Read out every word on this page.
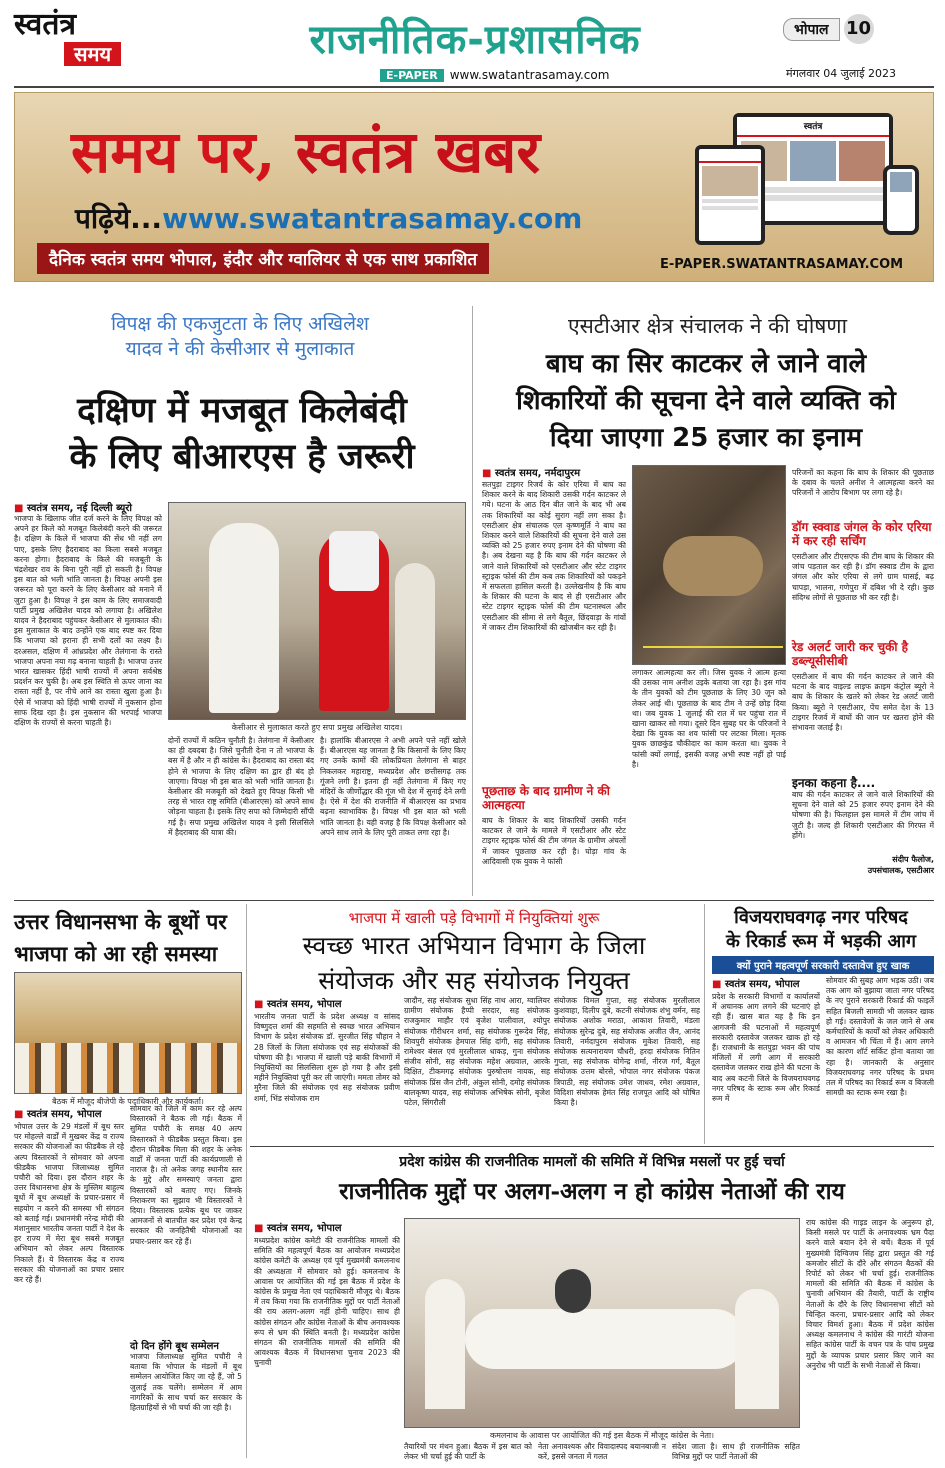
स्वतंत्र
समय	राजनीतिक-प्रशासनिक	भोपाल 10
E-PAPER www.swatantrasamay.com	मंगलवार 04 जुलाई 2023
समय पर, स्वतंत्र खबर
पढ़िये...www.swatantrasamay.com
दैनिक स्वतंत्र समय भोपाल, इंदौर और ग्वालियर से एक साथ प्रकाशित
स्वतंत्र
E-PAPER.SWATANTRASAMAY.COM
विपक्ष की एकजुटता के लिए अखिलेश
यादव ने की केसीआर से मुलाकात
दक्षिण में मजबूत किलेबंदी
के लिए बीआरएस है जरूरी
■ स्वतंत्र समय, नई दिल्ली ब्यूरो
भाजपा के खिलाफ जीत दर्ज करने के लिए विपक्ष को अपने हर किले को मजबूत किलेबंदी करने की जरूरत है। दक्षिण के किले में भाजपा की सेंध भी नहीं लग पाए, इसके लिए हैदराबाद का किला सबसे मजबूत करना होगा। हैदराबाद के किले की मजबूती के चंद्रशेखर राव के बिना पूरी नहीं हो सकती है। विपक्ष इस बात को भली भांति जानता है। विपक्ष अपनी इस जरूरत को पूरा करने के लिए केसीआर को मनाने में जुटा हुआ है। विपक्ष ने इस काम के लिए समाजवादी पार्टी प्रमुख अखिलेश यादव को लगाया है। अखिलेश यादव ने हैदराबाद पहुंचकर केसीआर से मुलाकात की। इस मुलाकात के बाद उन्होंने एक बाद स्पष्ट कर दिया कि भाजपा को हराना ही सभी दलों का लक्ष्य है। दरअसल, दक्षिण में आंध्रप्रदेश और तेलंगाना के रास्ते भाजपा अपना नया गढ़ बनाना चाहती है। भाजपा उत्तर भारत खासकर हिंदी भाषी राज्यों में अपना सर्वश्रेष्ठ प्रदर्शन कर चुकी है। अब इस स्थिति से ऊपर जाना का रास्ता नहीं है, पर नीचे आने का रास्ता खुला हुआ है। ऐसे में भाजपा को हिंदी भाषी राज्यों में नुकसान होना साफ दिख रहा है। इस नुकसान की भरपाई भाजपा दक्षिण के राज्यों से करना चाहती है।
केसीआर से मुलाकात करते हुए सपा प्रमुख अखिलेश यादव।
दोनों राज्यों में कठिन चुनौती है। तेलंगाना में केसीआर का ही दबदबा है। जिसे चुनौती देना न तो भाजपा के बस में है और न ही कांग्रेस के। हैदराबाद का रास्ता बंद होने से भाजपा के लिए दक्षिण का द्वार ही बंद हो जाएगा। विपक्ष भी इस बात को भली भांति जानता है। केसीआर की मजबूती को देखते हुए विपक्ष किसी भी तरह से भारत राष्ट्र समिति (बीआरएस) को अपने साथ जोड़ना चाहता है। इसके लिए सपा को जिम्मेदारी सौंपी गई है। सपा प्रमुख अखिलेश यादव ने इसी सिलसिले में हैदराबाद की यात्रा की।
है। हालांकि बीआरएस ने अभी अपने पत्ते नहीं खोले हैं। बीआरएस यह जानता है कि किसानों के लिए किए गए उनके कामों की लोकप्रियता तेलंगाना से बाहर निकलकर महाराष्ट्र, मध्यप्रदेश और छत्तीसगढ़ तक गूंजने लगी है। इतना ही नहीं तेलंगाना में किए गए मंदिरों के जीर्णोद्धार की गूंज भी देश में सुनाई देने लगी है। ऐसे में देश की राजनीति में बीआरएस का प्रभाव बढ़ना स्वाभाविक है। विपक्ष भी इस बात को भली भांति जानता है। यही वजह है कि विपक्ष केसीआर को अपने साथ लाने के लिए पूरी ताकत लगा रहा है।
एसटीआर क्षेत्र संचालक ने की घोषणा
बाघ का सिर काटकर ले जाने वाले
शिकारियों की सूचना देने वाले व्यक्ति को
दिया जाएगा 25 हजार का इनाम
■ स्वतंत्र समय, नर्मदापुरम
सतपुड़ा टाइगर रिजर्व के कोर एरिया में बाघ का शिकार करने के बाद शिकारी उसकी गर्दन काटकर ले गये। घटना के आठ दिन बीत जाने के बाद भी अब तक शिकारियों का कोई सुराग नहीं लग सका है। एसटीआर क्षेत्र संचालक एल कृष्णमूर्ति ने बाघ का शिकार करने वाले शिकारियों की सूचना देने वाले उस व्यक्ति को 25 हजार रुपए इनाम देने की घोषणा की है। अब देखना यह है कि बाघ की गर्दन काटकर ले जाने वाले शिकारियों को एसटीआर और स्टेट टाइगर स्ट्राइक फोर्स की टीम कब तक शिकारियों को पकड़ने में सफलता हासिल करती है। उल्लेखनीय है कि बाघ के शिकार की घटना के बाद से ही एसटीआर और स्टेट टाइगर स्ट्राइक फोर्स की टीम घटनास्थल और एसटीआर की सीमा से लगे बैतूल, छिंदवाड़ा के गांवों में जाकर टीम शिकारियों की खोजबीन कर रही है।
पूछताछ के बाद ग्रामीण ने की आत्महत्या
बाघ के शिकार के बाद शिकारियों उसकी गर्दन काटकर ले जाने के मामले में एसटीआर और स्टेट टाइगर स्ट्राइक फोर्स की टीम जंगल के ग्रामीण अंचलों में जाकर पूछताछ कर रही है। घोड़ा गांव के आदिवासी एक युवक ने फांसी
लगाकर आत्महत्या कर ली। जिस युवक ने आत्म हत्या की उसका नाम अनीश उइके बताया जा रहा है। इस गांव के तीन युवकों को टीम पूछताछ के लिए 30 जून को लेकर आई थी। पूछताछ के बाद टीम ने उन्हें छोड़ दिया था। जब युवक 1 जुलाई की रात में घर पहुंचा रात में खाना खाकर सो गया। दूसरे दिन सुबह घर के परिजनों ने देखा कि युवक का शव फांसी पर लटका मिला। मृतक युवक छाछकुंड चौकीदार का काम करता था। युवक ने फांसी क्यों लगाई, इसकी वजह अभी स्पष्ट नहीं हो पाई है।
परिजनों का कहना कि बाघ के शिकार की पूछताछ के दबाव के चलते अनीश ने आत्महत्या करने का परिजनों ने आरोप बिभाग पर लगा रहे है।
डॉग स्क्वाड जंगल के कोर एरिया में कर रही सर्चिंग
एसटीआर और टीएसएफ की टीम बाघ के शिकार की जांच पड़ताल कर रही है। डॉग स्क्वाड टीम के द्वारा जंगल और कोर एरिया से लगे ग्राम घासई, बढ़ चापड़ा, भालना, गणेपुरा में दबिश भी दे रही। कुछ संदिग्ध लोगों से पूछताछ भी कर रही है।
रेड अलर्ट जारी कर चुकी है डब्ल्यूसीसीबी
एसटीआर में बाघ की गर्दन काटकर ले जाने की घटना के बाद वाइल्ड लाइफ क्राइम कंट्रोल ब्यूरो ने बाघ के शिकार के खतरे को लेकर रेड अलर्ट जारी किया। ब्यूरो ने एसटीआर, पेंच समेत देश के 13 टाइगर रिजर्व में बाघों की जान पर खतरा होने की संभावना जताई है।
इनका कहना है....
बाघ की गर्दन काटकर ले जाने वाले शिकारियों की सूचना देने वाले को 25 हजार रुपए इनाम देने की घोषणा की है। फिलहाल इस मामले में टीम जांच में जुटी है। जल्द ही शिकारी एसटीआर की गिरफ्त में होंगे।
संदीप फैलोज,
उपसंचालक, एसटीआर
उत्तर विधानसभा के बूथों पर
भाजपा को आ रही समस्या
बैठक में मौजूद बीजेपी के पदाधिकारी और कार्यकर्ता।
■ स्वतंत्र समय, भोपाल
भोपाल उत्तर के 29 मंडलों में बूथ स्तर पर मोहल्ले वार्डों में मुखबर केंद्र व राज्य सरकार की योजनाओं का फीडबैक ले रहे अल्प विस्तारकों ने सोमवार को अपना फीडबैक भाजपा जिलाध्यक्ष सुमित पचौरी को दिया। इस दौरान शहर के उत्तर विधानसभा क्षेत्र के मुस्लिम बाहुल्य बूथों में बूथ अध्यक्षों के प्रचार-प्रसार में सहयोग न करने की समस्या भी संगठन को बताई गई। प्रधानमंत्री नरेन्द्र मोदी की मंशानुसार भारतीय जनता पार्टी ने देश के हर राज्य में मेरा बूथ सबसे मजबूत अभियान को लेकर अल्प विस्तारक निकाले हैं। ये विस्तारक केंद्र व राज्य सरकार की योजनाओं का प्रचार प्रसार कर रहे हैं।
सोमवार को जिले में काम कर रहे अल्प विस्तारकों ने बैठक ली गई। बैठक में सुमित पचौरी के समक्ष 40 अल्प विस्तारकों ने फीडबैक प्रस्तुत किया। इस दौरान फीडबैक मिला की शहर के अनेक वार्डों में जनता पार्टी की कार्यप्रणाली से नाराज है। तो अनेक जगह स्थानीय स्तर के मुद्दे और समस्याएं जनता द्वारा विस्तारकों को बताए गए। जिनके निराकरण का सुझाव भी विस्तारकों ने दिया। विस्तारक प्रत्येक बूथ पर जाकर आमजनों से बातचीत कर प्रदेश एवं केन्द्र सरकार की जनहितैषी योजनाओं का प्रचार-प्रसार कर रहे हैं।
दो दिन होंगे बूथ सम्मेलन
भाजपा जिलाध्यक्ष सुमित पचौरी ने बताया कि भोपाल के मंडलों में बूथ सम्मेलन आयोजित किए जा रहे हैं, जो 5 जुलाई तक चलेंगे। सम्मेलन में आम नागरिकों के साथ चर्चा कर सरकार के हितग्राहियों से भी चर्चा की जा रही है।
भाजपा में खाली पड़े विभागों में नियुक्तियां शुरू
स्वच्छ भारत अभियान विभाग के जिला
संयोजक और सह संयोजक नियुक्त
■ स्वतंत्र समय, भोपाल
भारतीय जनता पार्टी के प्रदेश अध्यक्ष व सांसद विष्णुदत्त शर्मा की सहमति से स्वच्छ भारत अभियान विभाग के प्रदेश संयोजक डॉ. सुरजीत सिंह चौहान ने 28 जिलों के जिला संयोजक एवं सह संयोजकों की घोषणा की है। भाजपा में खाली पड़े बाकी विभागों में नियुक्तियों का सिलसिला शुरू हो गया है और इसी महीने नियुक्तियां पूरी कर ली जाएंगी। ममता तोमर को मुरैना जिले की संयोजक एवं सह संयोजक प्रवीण शर्मा, भिंड संयोजक राम
जादौन, सह संयोजक सुधा सिंह नाथ आरा, ग्वालियर ग्रामीण संयोजक हैप्पी सरदार, सह संयोजक राजकुमार माहौर एवं बृजेश पालीवाल, श्योपुर संयोजक गौरीधरन शर्मा, सह संयोजक गुरूदेव सिंह, शिवपुरी संयोजक हेमपाल सिंह दांगी, सह संयोजक रामेश्वर बंसल एवं मुरलीलाल धाकड़, गुना संयोजक संजीव सोनी, सह संयोजक महेश अग्रवाल, आरके दिक्षित, टीकमगढ़ संयोजक पुरुषोत्तम नायक, सह संयोजक प्रिंस जैन टोनी, अंकुल सोनी, दमोह संयोजक बालकृष्ण यादव, सह संयोजक अभिषेक सोनी, बृजेश पटेल, सिंगरौली
संयोजक विमल गुप्ता, सह संयोजक मुरलीलाल कुशवाहा, दिलीप दुबे, कटनी संयोजक शंभु वर्मन, सह संयोजक अशोक मराठा, आकाश तिवारी, मंडला संयोजक सुरेन्द्र दुबे, सह संयोजक अजीत जैन, आनंद तिवारी, नर्मदापुरम संयोजक मुकेश तिवारी, सह संयोजक सत्यनारायण चौधरी, हरदा संयोजक नितिन गुप्ता, सह संयोजक योगेन्द्र शर्मा, नीरज गर्ग, बैतूल संयोजक उत्तम बोरसे, भोपाल नगर संयोजक पंकज त्रिपाठी, सह संयोजक उमेश जाधव, रमेश अग्रवाल, विदिशा संयोजक हेमंत सिंह राजपूत आदि को घोषित किया है।
विजयराघवगढ़ नगर परिषद
के रिकार्ड रूम में भड़की आग
क्यों पुराने महत्वपूर्ण सरकारी दस्तावेज हुए खाक
■ स्वतंत्र समय, भोपाल
प्रदेश के सरकारी विभागों व कार्यालयों में अचानक आग लगने की घटनाएं हो रही हैं। खास बात यह है कि इन आगजनी की घटनाओं में महत्वपूर्ण सरकारी दस्तावेज जलकर खाक हो रहे हैं। राजधानी के सतपुड़ा भवन की पांच मंजिलों में लगी आग में सरकारी दस्तावेज जलकर राख होने की घटना के बाद अब कटनी जिले के विजयराघवगढ़ नगर परिषद के स्टाक रूम और रिकार्ड रूम में
सोमवार की सुबह आग भड़क उठी। जब तक आग को बुझाया जाता नगर परिषद के नए पुराने सरकारी रिकार्ड की फाइलें सहित बिजली सामग्री भी जलकर खाक हो गई। दस्तावेजों के जल जाने से अब कर्मचारियों के कार्यों को लेकर अधिकारी व आमजन भी चिंता में हैं। आग लगने का कारण शॉर्ट सर्किट होना बताया जा रहा है। जानकारी के अनुसार विजयराघवगढ़ नगर परिषद के प्रथम तल में परिषद का रिकार्ड रूम व बिजली सामग्री का स्टाक रूम रखा है।
प्रदेश कांग्रेस की राजनीतिक मामलों की समिति में विभिन्न मसलों पर हुई चर्चा
राजनीतिक मुद्दों पर अलग-अलग न हो कांग्रेस नेताओं की राय
■ स्वतंत्र समय, भोपाल
मध्यप्रदेश कांग्रेस कमेटी की राजनीतिक मामलों की समिति की महत्वपूर्ण बैठक का आयोजन मध्यप्रदेश कांग्रेस कमेटी के अध्यक्ष एवं पूर्व मुख्यमंत्री कमलनाथ की अध्यक्षता में सोमवार को हुई। कमलनाथ के आवास पर आयोजित की गई इस बैठक में प्रदेश के कांग्रेस के प्रमुख नेता एवं पदाधिकारी मौजूद थे। बैठक में तय किया गया कि राजनीतिक मुद्दों पर पार्टी नेताओं की राय अलग-अलग नहीं होनी चाहिए। साथ ही कांग्रेस संगठन और कांग्रेस नेताओं के बीच अनावश्यक रूप से भ्रम की स्थिति बनती है। मध्यप्रदेश कांग्रेस संगठन की राजनीतिक मामलों की समिति की आवश्यक बैठक में विधानसभा चुनाव 2023 की चुनावी
कमलनाथ के आवास पर आयोजित की गई इस बैठक में मौजूद कांग्रेस के नेता।
तैयारियों पर मंथन हुआ। बैठक में इस बात को लेकर भी चर्चा हुई की पार्टी के
नेता अनावश्यक और विवादास्पद बयानबाजी न करें, इससे जनता में गलत
संदेश जाता है। साथ ही राजनीतिक सहित विभिन्न मुद्दों पर पार्टी नेताओं की
राय कांग्रेस की गाइड लाइन के अनुरूप हो, किसी मसले पर पार्टी के अनावश्यक भ्रम पैदा करने वाले बयान देने से बचें। बैठक में पूर्व मुख्यमंत्री दिग्विजय सिंह द्वारा प्रस्तुत की गई कमजोर सीटों के दौरे और संगठन बैठकों की रिपोर्ट को लेकर भी चर्चा हुई। राजनीतिक मामलों की समिति की बैठक में कांग्रेस के चुनावी अभियान की तैयारी, पार्टी के राष्ट्रीय नेताओं के दौरे के लिए विधानसभा सीटों को चिन्हित करना, प्रचार-प्रसार आदि को लेकर विचार विमर्श हुआ। बैठक में प्रदेश कांग्रेस अध्यक्ष कमलनाथ ने कांग्रेस की गारंटी योजना सहित कांग्रेस पार्टी के वचन पत्र के पांच प्रमुख मुद्दों के व्यापक प्रचार प्रसार किए जाने का अनुरोध भी पार्टी के सभी नेताओं से किया।
